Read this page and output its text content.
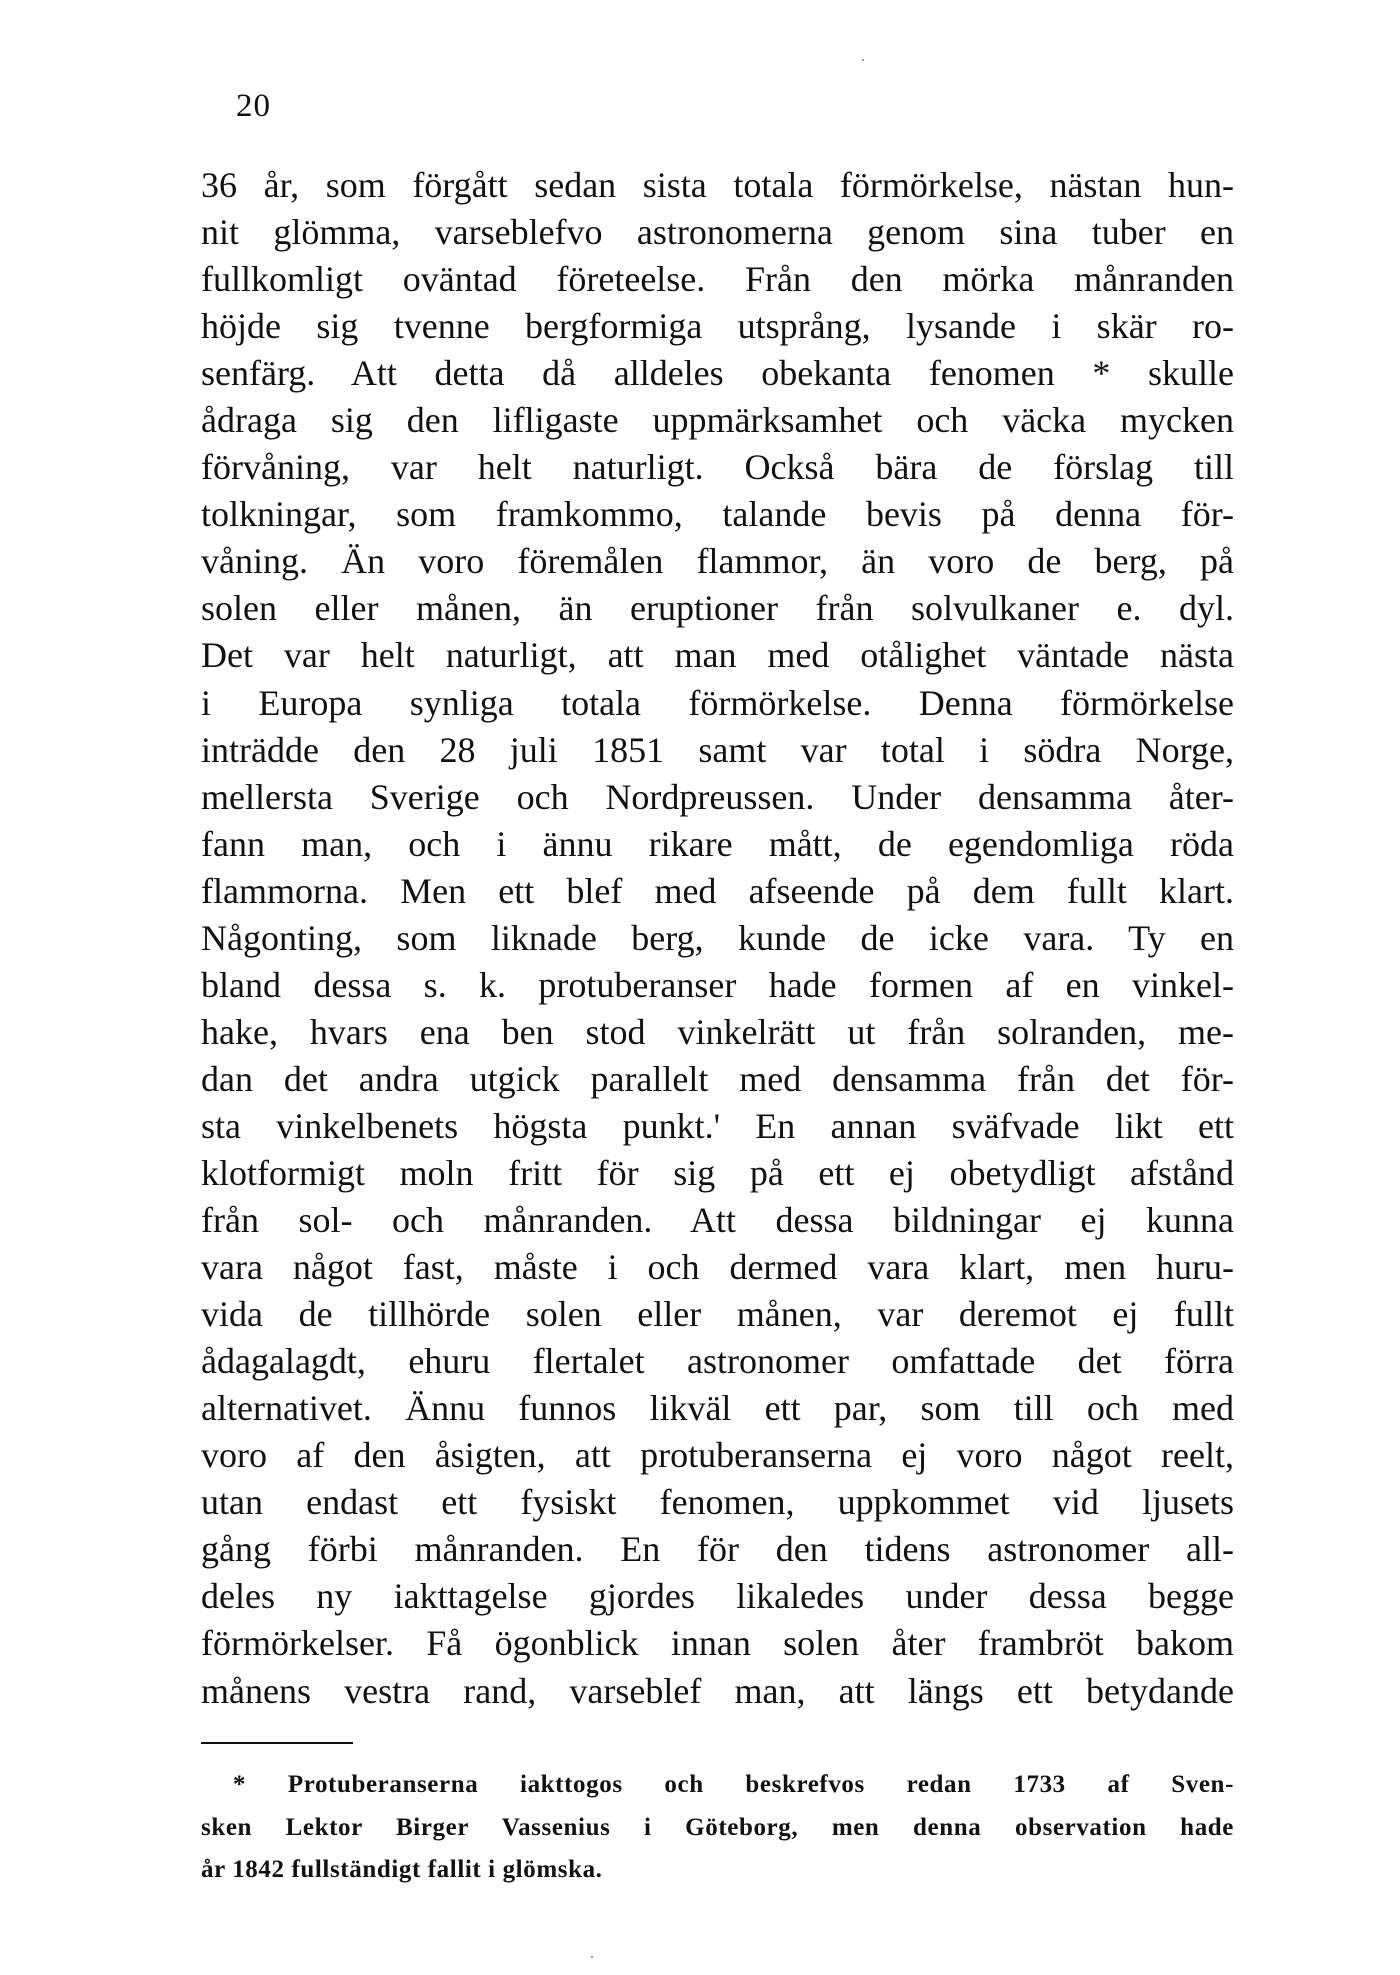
20
36 år, som förgått sedan sista totala förmörkelse, nästan hun-
nit glömma, varseblefvo astronomerna genom sina tuber en
fullkomligt oväntad företeelse. Från den mörka månranden
höjde sig tvenne bergformiga utsprång, lysande i skär ro-
senfärg. Att detta då alldeles obekanta fenomen * skulle
ådraga sig den lifligaste uppmärksamhet och väcka mycken
förvåning, var helt naturligt. Också bära de förslag till
tolkningar, som framkommo, talande bevis på denna för-
våning. Än voro föremålen flammor, än voro de berg, på
solen eller månen, än eruptioner från solvulkaner e. dyl.
Det var helt naturligt, att man med otålighet väntade nästa
i Europa synliga totala förmörkelse. Denna förmörkelse
inträdde den 28 juli 1851 samt var total i södra Norge,
mellersta Sverige och Nordpreussen. Under densamma åter-
fann man, och i ännu rikare mått, de egendomliga röda
flammorna. Men ett blef med afseende på dem fullt klart.
Någonting, som liknade berg, kunde de icke vara. Ty en
bland dessa s. k. protuberanser hade formen af en vinkel-
hake, hvars ena ben stod vinkelrätt ut från solranden, me-
dan det andra utgick parallelt med densamma från det för-
sta vinkelbenets högsta punkt.' En annan sväfvade likt ett
klotformigt moln fritt för sig på ett ej obetydligt afstånd
från sol- och månranden. Att dessa bildningar ej kunna
vara något fast, måste i och dermed vara klart, men huru-
vida de tillhörde solen eller månen, var deremot ej fullt
ådagalagdt, ehuru flertalet astronomer omfattade det förra
alternativet. Ännu funnos likväl ett par, som till och med
voro af den åsigten, att protuberanserna ej voro något reelt,
utan endast ett fysiskt fenomen, uppkommet vid ljusets
gång förbi månranden. En för den tidens astronomer all-
deles ny iakttagelse gjordes likaledes under dessa begge
förmörkelser. Få ögonblick innan solen åter frambröt bakom
månens vestra rand, varseblef man, att längs ett betydande
* Protuberanserna iakttogos och beskrefvos redan 1733 af Sven-
sken Lektor Birger Vassenius i Göteborg, men denna observation hade
år 1842 fullständigt fallit i glömska.
